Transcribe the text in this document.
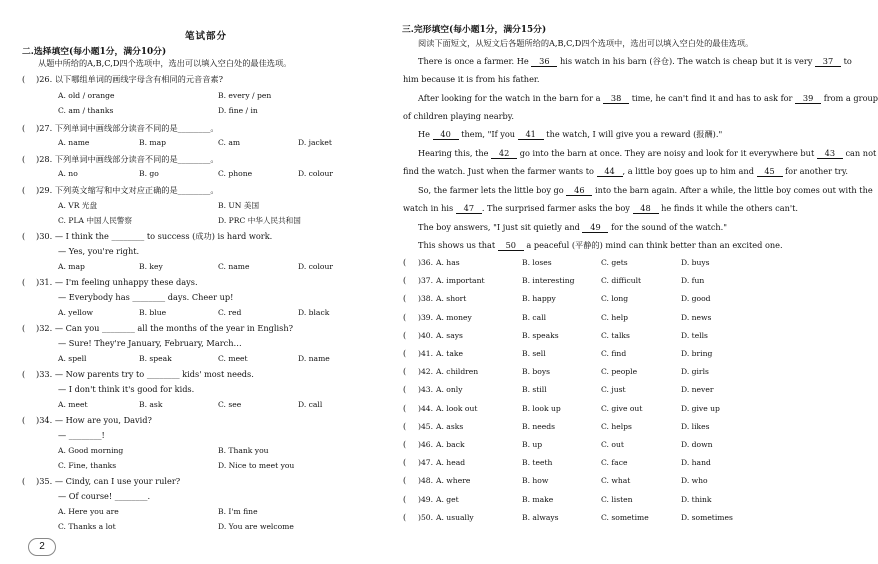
笔试部分
二.选择填空(每小题1分，满分10分)
从题中所给的A,B,C,D四个选项中，选出可以填入空白处的最佳选项。
( )26. 以下哪组单词的画线字母含有相同的元音音素?
A. old / orange	B. every / pen
C. am / thanks	D. fine / in
( )27. 下列单词中画线部分读音不同的是________。
A. name	B. map	C. am	D. jacket
( )28. 下列单词中画线部分读音不同的是________。
A. no	B. go	C. phone	D. colour
( )29. 下列英文缩写和中文对应正确的是________。
A. VR 光盘	B. UN 美国
C. PLA 中国人民警察	D. PRC 中华人民共和国
( )30. — I think the ________ to success (成功) is hard work.
— Yes, you're right.
A. map	B. key	C. name	D. colour
( )31. — I'm feeling unhappy these days.
— Everybody has ________ days. Cheer up!
A. yellow	B. blue	C. red	D. black
( )32. — Can you ________ all the months of the year in English?
— Sure! They're January, February, March…
A. spell	B. speak	C. meet	D. name
( )33. — Now parents try to ________ kids' most needs.
— I don't think it's good for kids.
A. meet	B. ask	C. see	D. call
( )34. — How are you, David?
— ________!
A. Good morning	B. Thank you
C. Fine, thanks	D. Nice to meet you
( )35. — Cindy, can I use your ruler?
— Of course! ________.
A. Here you are	B. I'm fine
C. Thanks a lot	D. You are welcome
2
三.完形填空(每小题1分，满分15分)
阅读下面短文，从短文后各题所给的A,B,C,D四个选项中，选出可以填入空白处的最佳选项。
There is once a farmer. He 36 his watch in his barn (谷仓). The watch is cheap but it is very 37 to
him because it is from his father.
After looking for the watch in the barn for a 38 time, he can't find it and has to ask for 39 from a group
of children playing nearby.
He 40 them, "If you 41 the watch, I will give you a reward (报酬)."
Hearing this, the 42 go into the barn at once. They are noisy and look for it everywhere but 43 can not
find the watch. Just when the farmer wants to 44 , a little boy goes up to him and 45 for another try.
So, the farmer lets the little boy go 46 into the barn again. After a while, the little boy comes out with the
watch in his 47 . The surprised farmer asks the boy 48 he finds it while the others can't.
The boy answers, "I just sit quietly and 49 for the sound of the watch."
This shows us that 50 a peaceful (平静的) mind can think better than an excited one.
( )36. A. has	B. loses	C. gets	D. buys
( )37. A. important	B. interesting	C. difficult	D. fun
( )38. A. short	B. happy	C. long	D. good
( )39. A. money	B. call	C. help	D. news
( )40. A. says	B. speaks	C. talks	D. tells
( )41. A. take	B. sell	C. find	D. bring
( )42. A. children	B. boys	C. people	D. girls
( )43. A. only	B. still	C. just	D. never
( )44. A. look out	B. look up	C. give out	D. give up
( )45. A. asks	B. needs	C. helps	D. likes
( )46. A. back	B. up	C. out	D. down
( )47. A. head	B. teeth	C. face	D. hand
( )48. A. where	B. how	C. what	D. who
( )49. A. get	B. make	C. listen	D. think
( )50. A. usually	B. always	C. sometime	D. sometimes
